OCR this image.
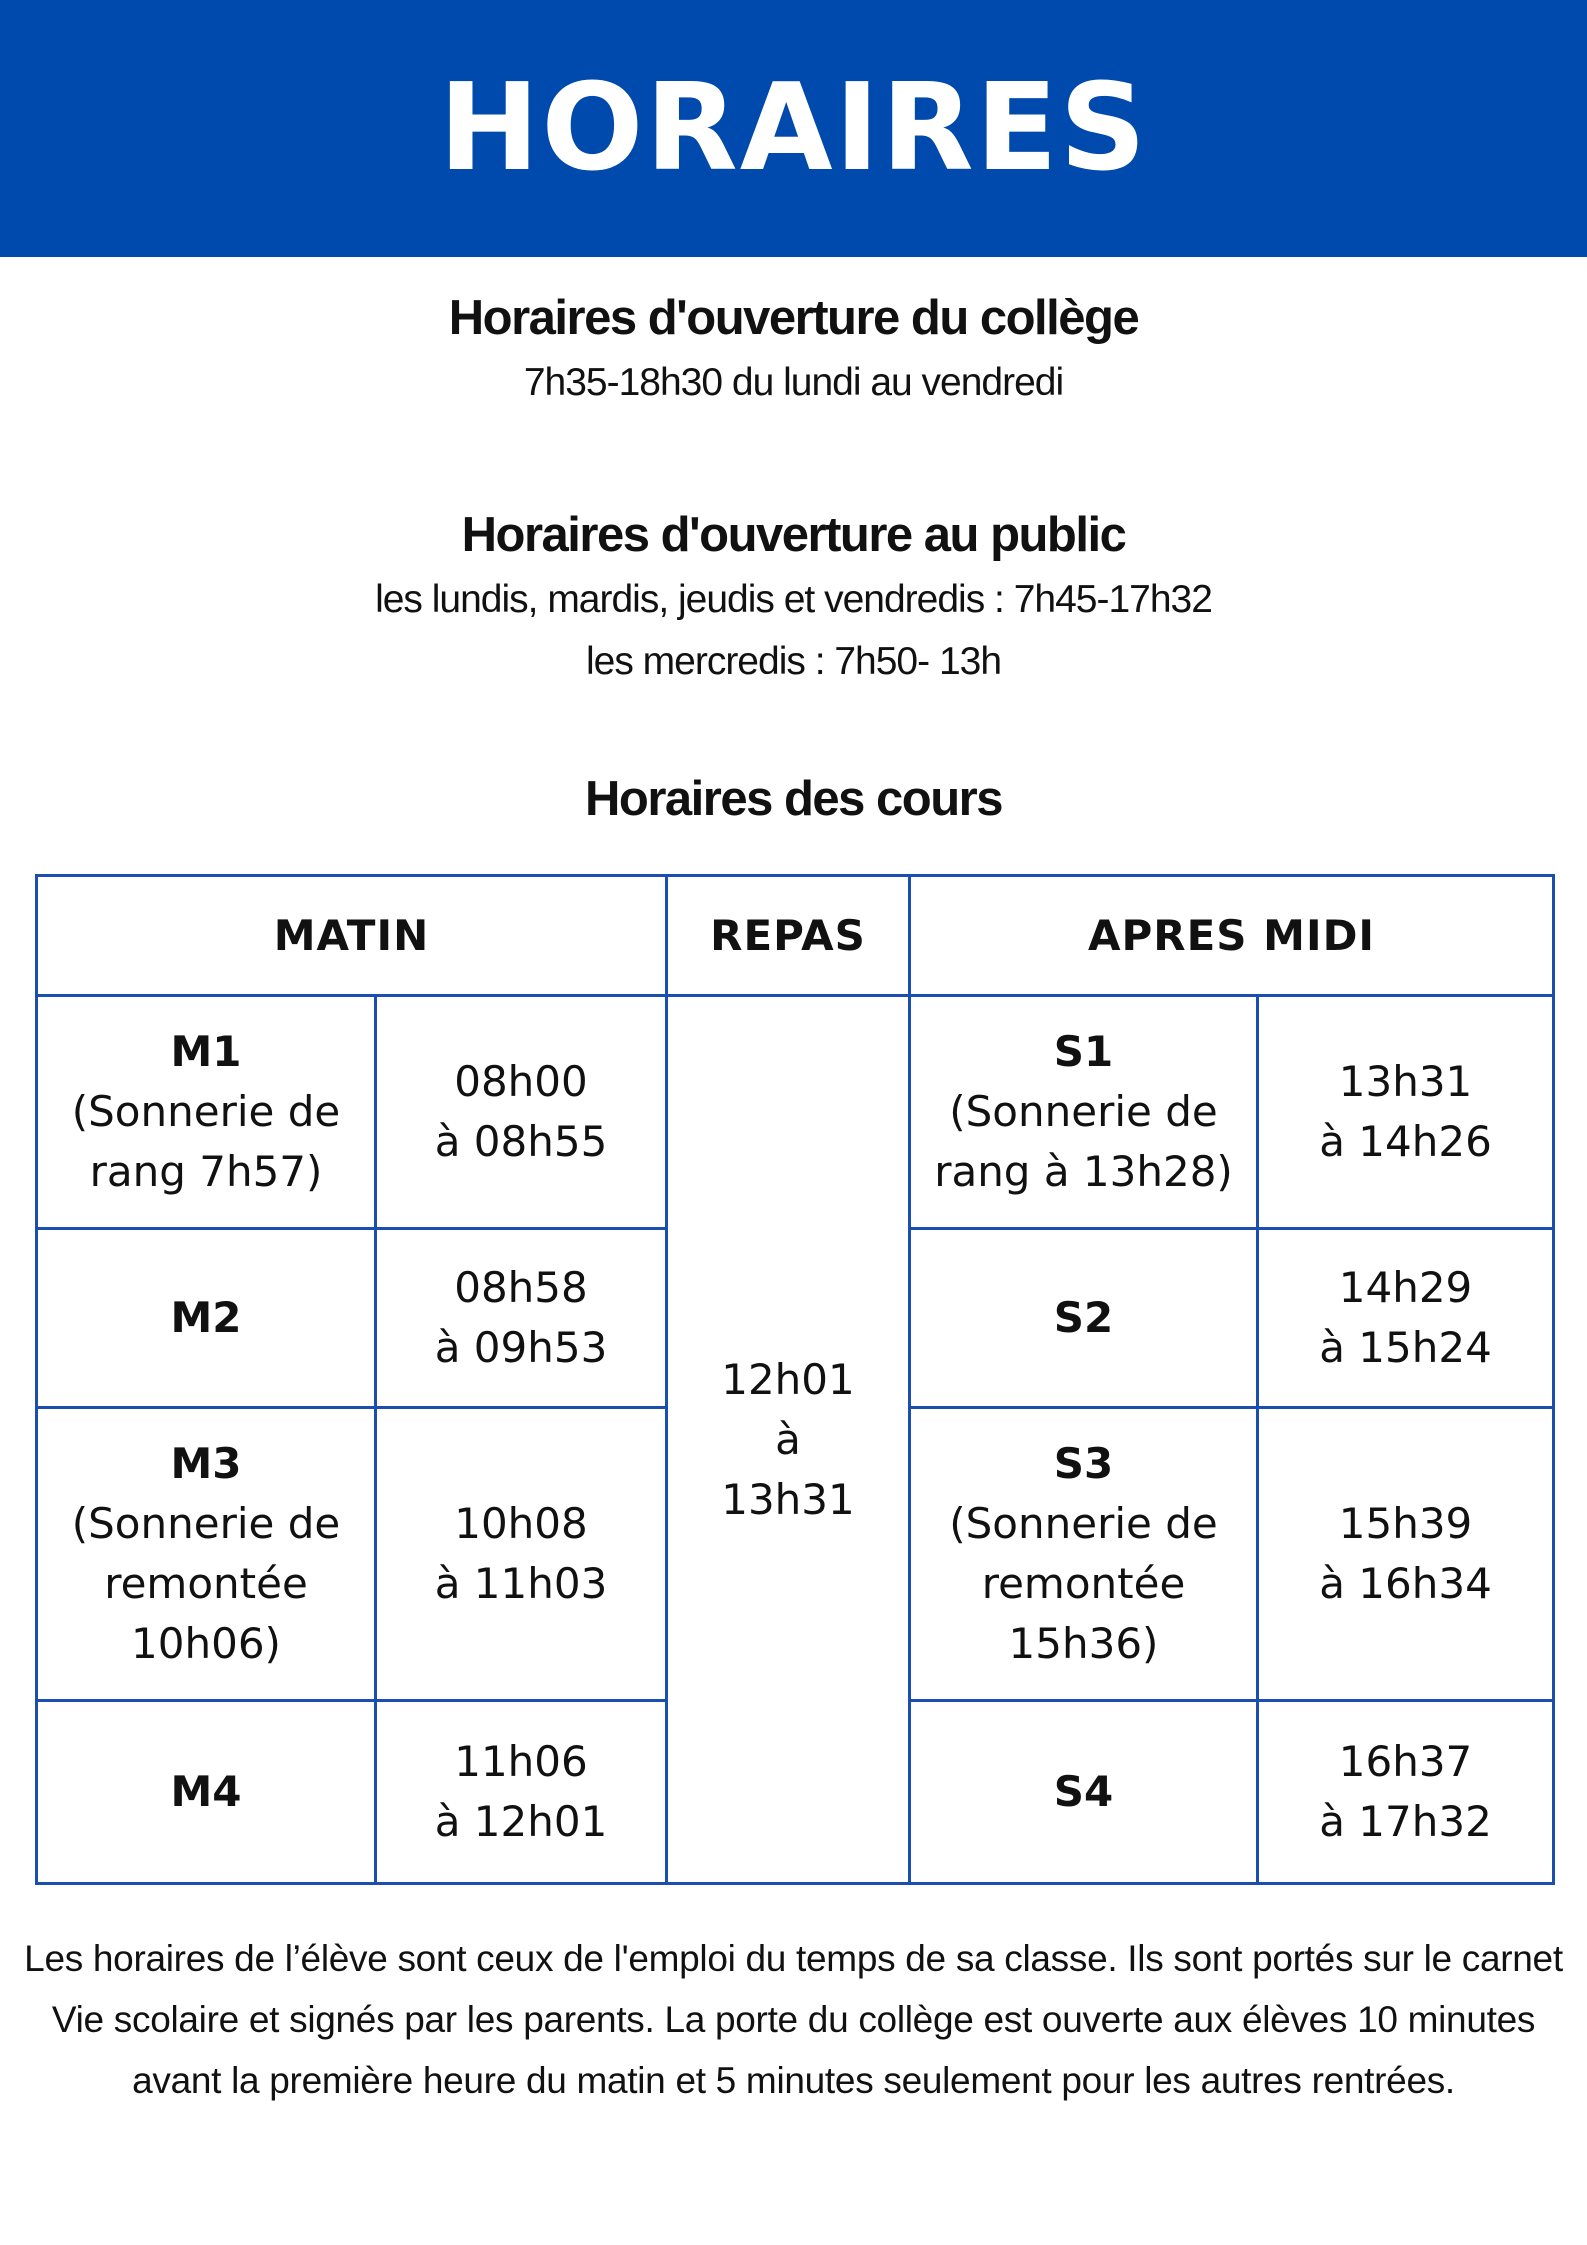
HORAIRES
Horaires d'ouverture du collège
7h35-18h30 du lundi au vendredi
Horaires d'ouverture au public
les lundis, mardis, jeudis et vendredis : 7h45-17h32
les mercredis : 7h50- 13h
Horaires des cours
MATIN		REPAS	APRES MIDI	

M1
(Sonnerie de
rang 7h57)	08h00
à 08h55	12h01
à
13h31	S1
(Sonnerie de
rang à 13h28)	13h31
à 14h26

M2	08h58
à 09h53		S2	14h29
à 15h24

M3
(Sonnerie de
remontée
10h06)	10h08
à 11h03		S3
(Sonnerie de
remontée
15h36)	15h39
à 16h34

M4	11h06
à 12h01		S4	16h37
à 17h32
Les horaires de l’élève sont ceux de l'emploi du temps de sa classe. Ils sont portés sur le carnet Vie scolaire et signés par les parents. La porte du collège est ouverte aux élèves 10 minutes avant la première heure du matin et 5 minutes seulement pour les autres rentrées.
